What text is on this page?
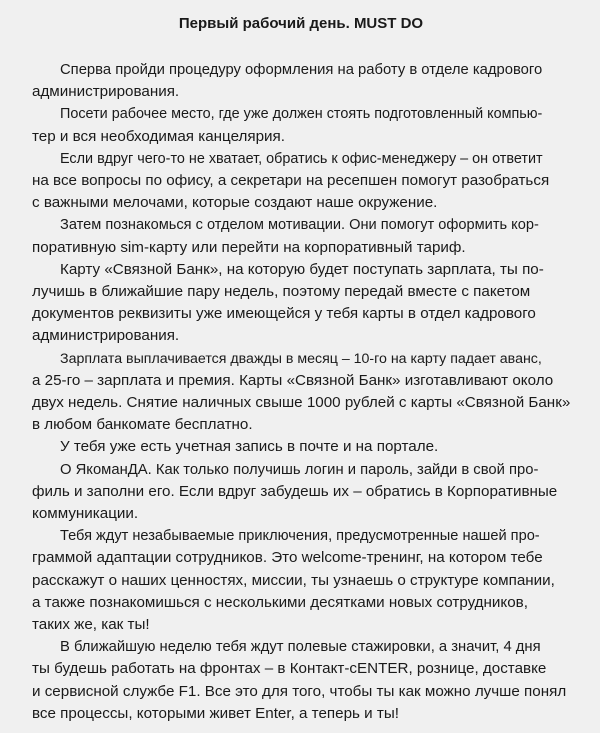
Первый рабочий день. MUST DO

Сперва пройди процедуру оформления на работу в отделе кадрового
администрирования.

Посети рабочее место, где уже должен стоять подготовленный компью-
тер и вся необходимая канцелярия.

Если вдруг чего-то не хватает, обратись к офис-менеджеру – он ответит
на все вопросы по офису, а секретари на ресепшен помогут разобраться
с важными мелочами, которые создают наше окружение.

Затем познакомься с отделом мотивации. Они помогут оформить кор-
поративную sim-карту или перейти на корпоративный тариф.

Карту «Связной Банк», на которую будет поступать зарплата, ты по-
лучишь в ближайшие пару недель, поэтому передай вместе с пакетом
документов реквизиты уже имеющейся у тебя карты в отдел кадрового
администрирования.

Зарплата выплачивается дважды в месяц – 10-го на карту падает аванс,
а 25-го – зарплата и премия. Карты «Связной Банк» изготавливают около
двух недель. Снятие наличных свыше 1000 рублей с карты «Связной Банк»
в любом банкомате бесплатно.

У тебя уже есть учетная запись в почте и на портале.

О ЯкоманДА. Как только получишь логин и пароль, зайди в свой про-
филь и заполни его. Если вдруг забудешь их – обратись в Корпоративные
коммуникации.

Тебя ждут незабываемые приключения, предусмотренные нашей про-
граммой адаптации сотрудников. Это welcome-тренинг, на котором тебе
расскажут о наших ценностях, миссии, ты узнаешь о структуре компании,
а также познакомишься с несколькими десятками новых сотрудников,
таких же, как ты!

В ближайшую неделю тебя ждут полевые стажировки, а значит, 4 дня
ты будешь работать на фронтах – в Контакт-cENTER, рознице, доставке
и сервисной службе F1. Все это для того, чтобы ты как можно лучше понял
все процессы, которыми живет Enter, а теперь и ты!
